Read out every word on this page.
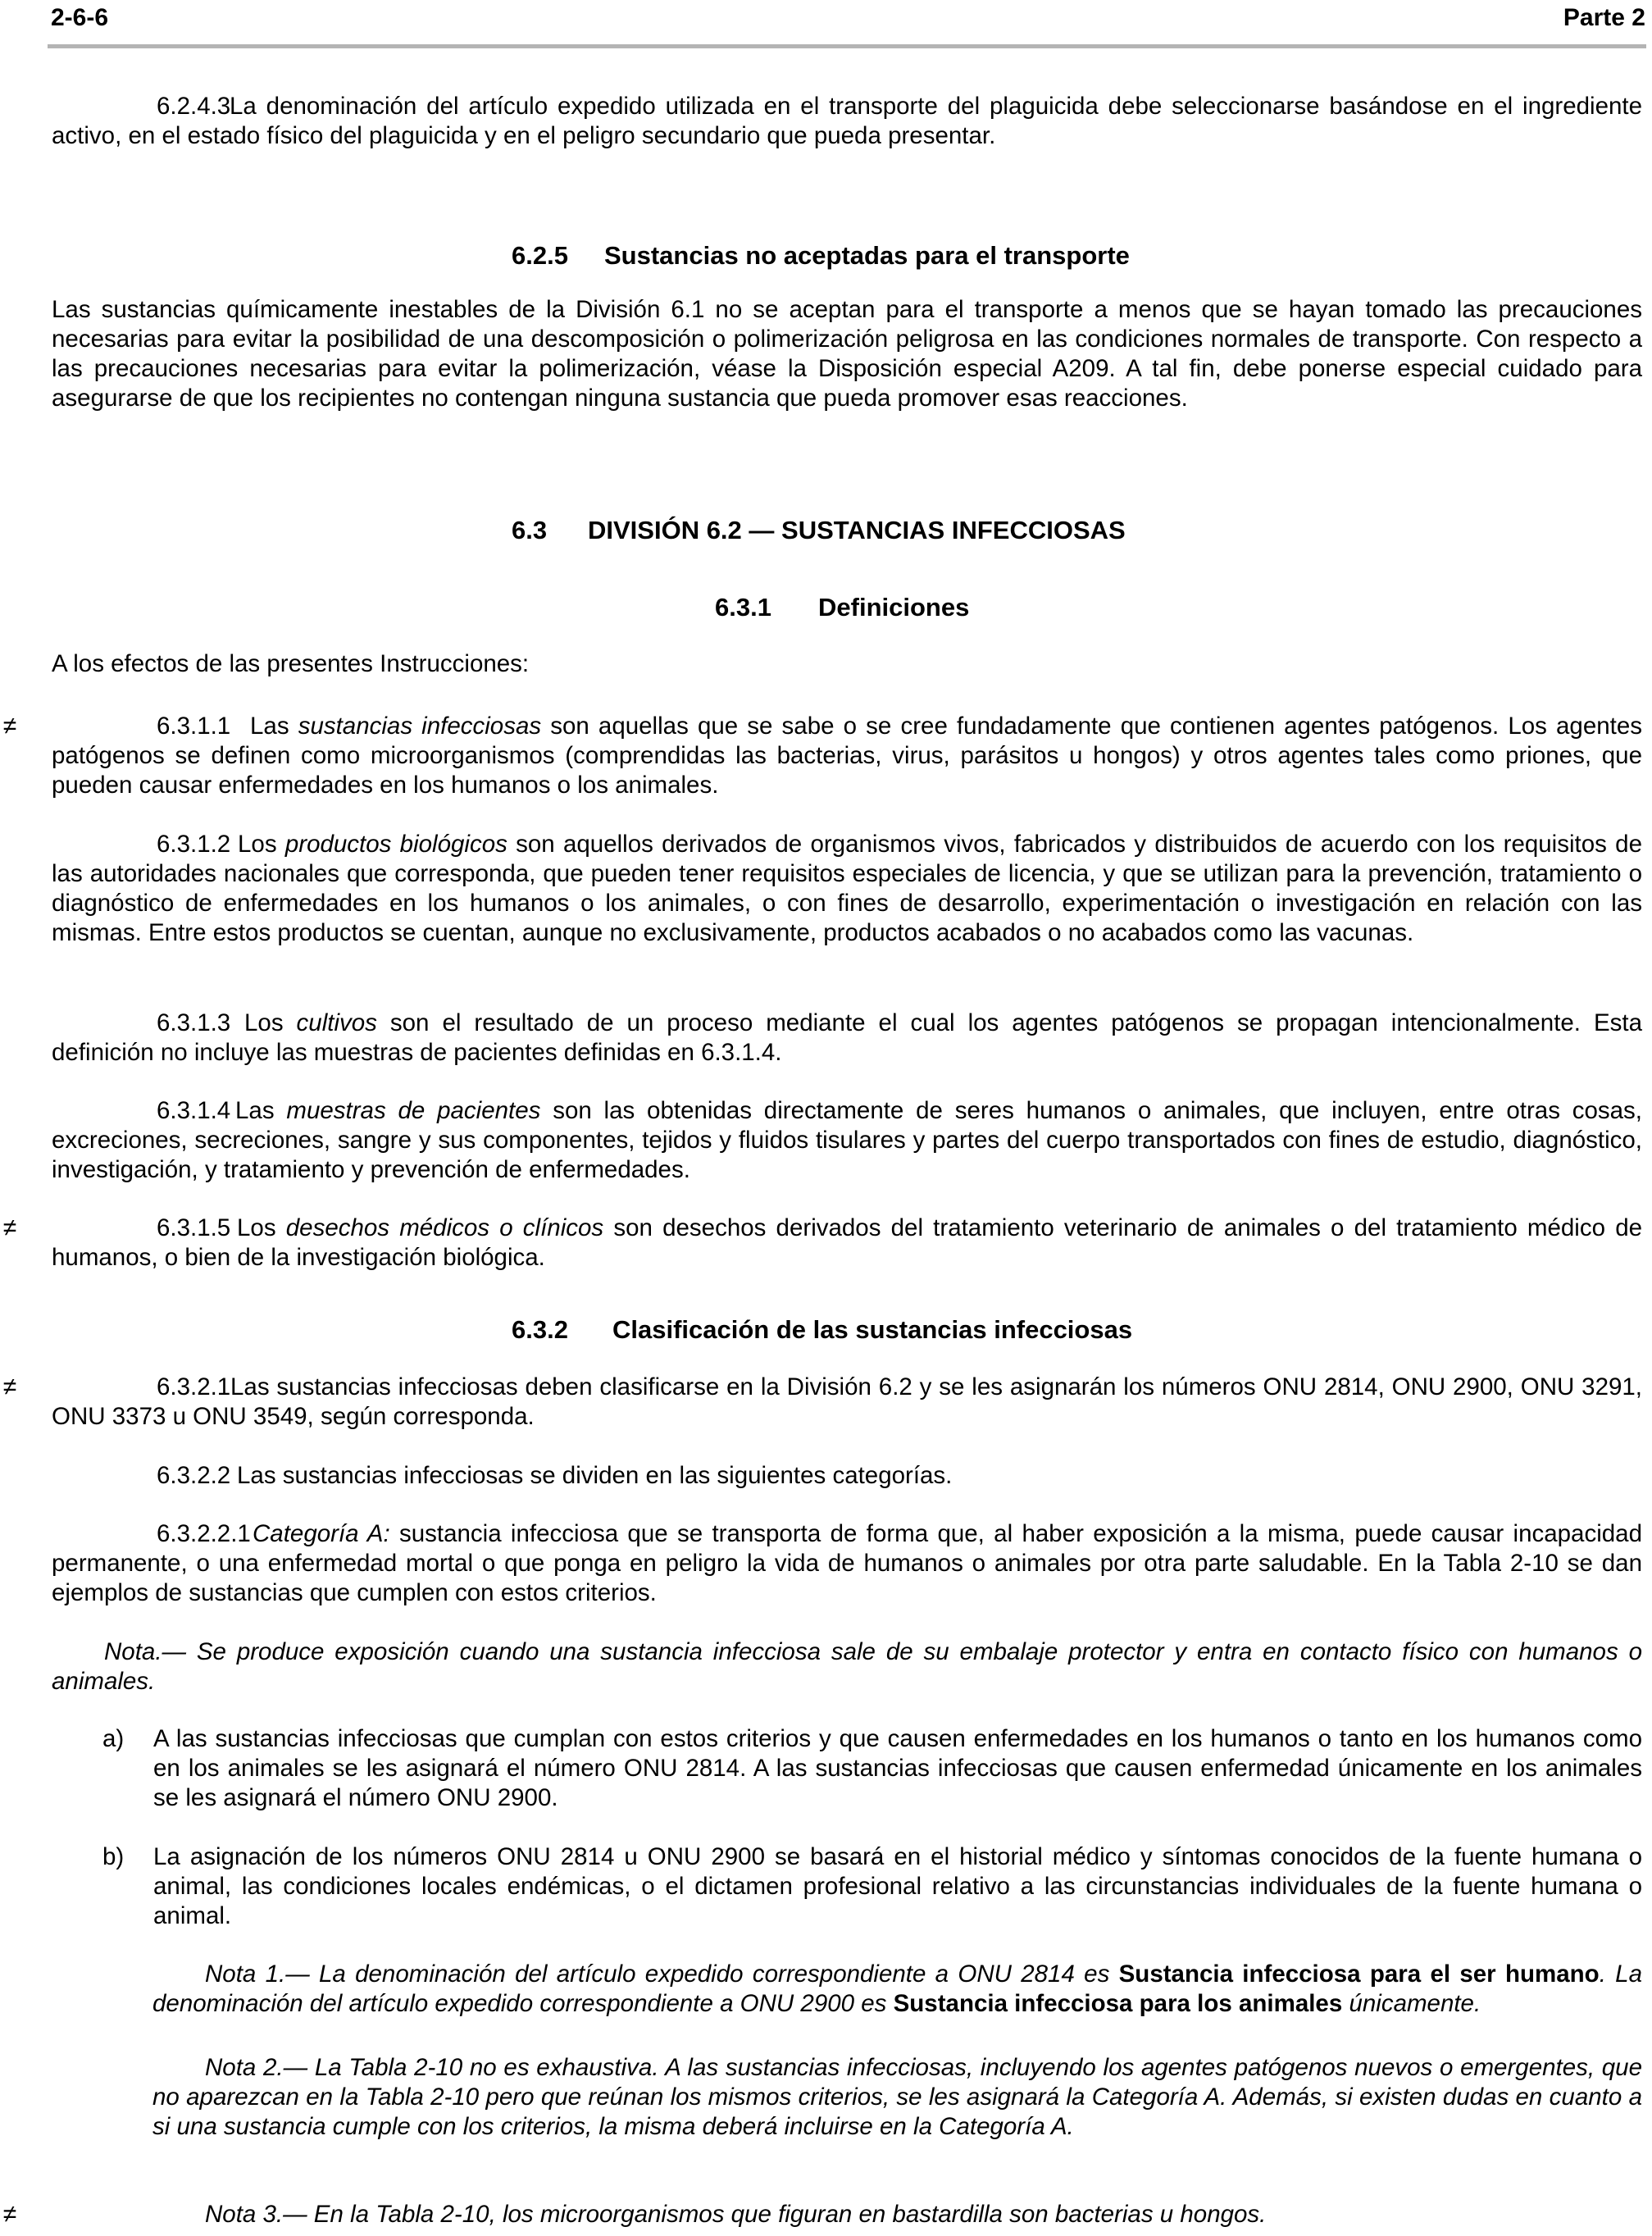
2-6-6	Parte 2

6.2.4.3La denominación del artículo expedido utilizada en el transporte del plaguicida debe seleccionarse basándose en el ingrediente activo, en el estado físico del plaguicida y en el peligro secundario que pueda presentar.

6.2.5 Sustancias no aceptadas para el transporte

Las sustancias químicamente inestables de la División 6.1 no se aceptan para el transporte a menos que se hayan tomado las precauciones necesarias para evitar la posibilidad de una descomposición o polimerización peligrosa en las condiciones normales de transporte. Con respecto a las precauciones necesarias para evitar la polimerización, véase la Disposición especial A209. A tal fin, debe ponerse especial cuidado para asegurarse de que los recipientes no contengan ninguna sustancia que pueda promover esas reacciones.

6.3 DIVISIÓN 6.2 — SUSTANCIAS INFECCIOSAS
6.3.1 Definiciones

A los efectos de las presentes Instrucciones:

≠	6.3.1.1 Las sustancias infecciosas son aquellas que se sabe o se cree fundadamente que contienen agentes patógenos. Los agentes patógenos se definen como microorganismos (comprendidas las bacterias, virus, parásitos u hongos) y otros agentes tales como priones, que pueden causar enfermedades en los humanos o los animales.

6.3.1.2 Los productos biológicos son aquellos derivados de organismos vivos, fabricados y distribuidos de acuerdo con los requisitos de las autoridades nacionales que corresponda, que pueden tener requisitos especiales de licencia, y que se utilizan para la prevención, tratamiento o diagnóstico de enfermedades en los humanos o los animales, o con fines de desarrollo, experimentación o investigación en relación con las mismas. Entre estos productos se cuentan, aunque no exclusivamente, productos acabados o no acabados como las vacunas.

6.3.1.3 Los cultivos son el resultado de un proceso mediante el cual los agentes patógenos se propagan intencionalmente. Esta definición no incluye las muestras de pacientes definidas en 6.3.1.4.

6.3.1.4 Las muestras de pacientes son las obtenidas directamente de seres humanos o animales, que incluyen, entre otras cosas, excreciones, secreciones, sangre y sus componentes, tejidos y fluidos tisulares y partes del cuerpo transportados con fines de estudio, diagnóstico, investigación, y tratamiento y prevención de enfermedades.

≠	6.3.1.5 Los desechos médicos o clínicos son desechos derivados del tratamiento veterinario de animales o del tratamiento médico de humanos, o bien de la investigación biológica.

6.3.2 Clasificación de las sustancias infecciosas
≠	6.3.2.1Las sustancias infecciosas deben clasificarse en la División 6.2 y se les asignarán los números ONU 2814, ONU 2900, ONU 3291, ONU 3373 u ONU 3549, según corresponda.

6.3.2.2 Las sustancias infecciosas se dividen en las siguientes categorías.

6.3.2.2.1Categoría A: sustancia infecciosa que se transporta de forma que, al haber exposición a la misma, puede causar incapacidad permanente, o una enfermedad mortal o que ponga en peligro la vida de humanos o animales por otra parte saludable. En la Tabla 2-10 se dan ejemplos de sustancias que cumplen con estos criterios.

Nota.— Se produce exposición cuando una sustancia infecciosa sale de su embalaje protector y entra en contacto físico con humanos o animales.

a)	A las sustancias infecciosas que cumplan con estos criterios y que causen enfermedades en los humanos o tanto en los humanos como en los animales se les asignará el número ONU 2814. A las sustancias infecciosas que causen enfermedad únicamente en los animales se les asignará el número ONU 2900.
b)	La asignación de los números ONU 2814 u ONU 2900 se basará en el historial médico y síntomas conocidos de la fuente humana o animal, las condiciones locales endémicas, o el dictamen profesional relativo a las circunstancias individuales de la fuente humana o animal.
Nota 1.— La denominación del artículo expedido correspondiente a ONU 2814 es Sustancia infecciosa para el ser humano. La denominación del artículo expedido correspondiente a ONU 2900 es Sustancia infecciosa para los animales únicamente.
Nota 2.— La Tabla 2-10 no es exhaustiva. A las sustancias infecciosas, incluyendo los agentes patógenos nuevos o emergentes, que no aparezcan en la Tabla 2-10 pero que reúnan los mismos criterios, se les asignará la Categoría A. Además, si existen dudas en cuanto a si una sustancia cumple con los criterios, la misma deberá incluirse en la Categoría A.
≠	Nota 3.— En la Tabla 2-10, los microorganismos que figuran en bastardilla son bacterias u hongos.
